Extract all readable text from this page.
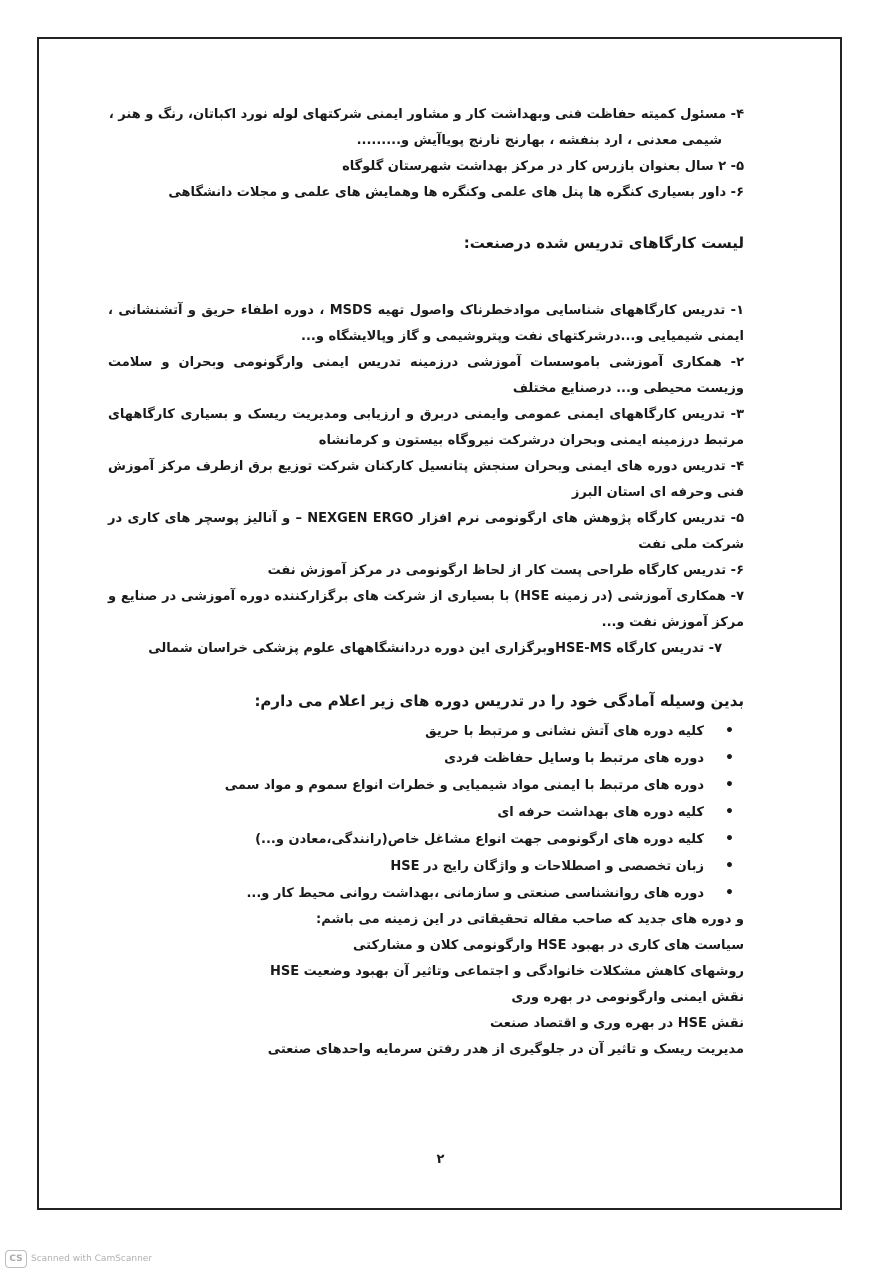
۴- مسئول کمیته حفاظت فنی وبهداشت کار و مشاور ایمنی شرکتهای لوله نورد اکباتان، رنگ و هنر ،

شیمی معدنی ، ارد بنفشه ، بهارنج نارنج پویاآیش و.........

۵- ۲ سال بعنوان بازرس کار در مرکز بهداشت شهرستان گلوگاه

۶- داور بسیاری کنگره ها پنل های علمی وکنگره ها وهمایش های علمی و مجلات دانشگاهی

لیست کارگاهای تدریس شده درصنعت:

۱- تدریس کارگاههای شناسایی موادخطرناک واصول تهیه MSDS ، دوره اطفاء حریق و آتشنشانی ، ایمنی شیمیایی و...درشرکتهای نفت وپتروشیمی و گاز وپالایشگاه و...

۲- همکاری آموزشی باموسسات آموزشی درزمینه تدریس ایمنی وارگونومی وبحران و سلامت وزیست محیطی و... درصنایع مختلف

۳- تدریس کارگاههای ایمنی عمومی وایمنی دربرق و ارزیابی ومدیریت ریسک و بسیاری کارگاههای مرتبط درزمینه ایمنی وبحران درشرکت نیروگاه بیستون و کرمانشاه

۴- تدریس دوره های ایمنی وبحران سنجش پتانسیل کارکنان شرکت توزیع برق ازطرف مرکز آموزش فنی وحرفه ای استان البرز

۵- تدریس کارگاه پژوهش های ارگونومی نرم افزار NEXGEN ERGO – و آنالیز پوسچر های کاری در شرکت ملی نفت

۶- تدریس کارگاه طراحی پست کار از لحاظ ارگونومی در مرکز آموزش نفت

۷- همکاری آموزشی (در زمینه HSE) با بسیاری از شرکت های برگزارکننده دوره آموزشی در صنایع و مرکز آموزش نفت و...

۷- تدریس کارگاه HSE-MSوبرگزاری این دوره دردانشگاههای علوم پزشکی خراسان شمالی

بدین وسیله آمادگی خود را در تدریس دوره های زیر اعلام می دارم:

• کلیه دوره های آتش نشانی و مرتبط با حریق
• دوره های مرتبط با وسایل حفاظت فردی
• دوره های مرتبط با ایمنی مواد شیمیایی و خطرات انواع سموم و مواد سمی
• کلیه دوره های بهداشت حرفه ای
• کلیه دوره های ارگونومی جهت انواع مشاغل خاص(رانندگی،معادن و...)
• زبان تخصصی و اصطلاحات و واژگان رایج در HSE
• دوره های روانشناسی صنعتی و سازمانی ،بهداشت روانی محیط کار و...

و دوره های جدید که صاحب مقاله تحقیقاتی در این زمینه می باشم:

سیاست های کاری در بهبود HSE وارگونومی کلان و مشارکتی

روشهای کاهش مشکلات خانوادگی و اجتماعی وتاثیر آن بهبود وضعیت HSE

نقش ایمنی وارگونومی در بهره وری

نقش HSE در بهره وری و اقتصاد صنعت

مدیریت ریسک و تاثیر آن در جلوگیری از هدر رفتن سرمایه واحدهای صنعتی

۲
CS Scanned with CamScanner
